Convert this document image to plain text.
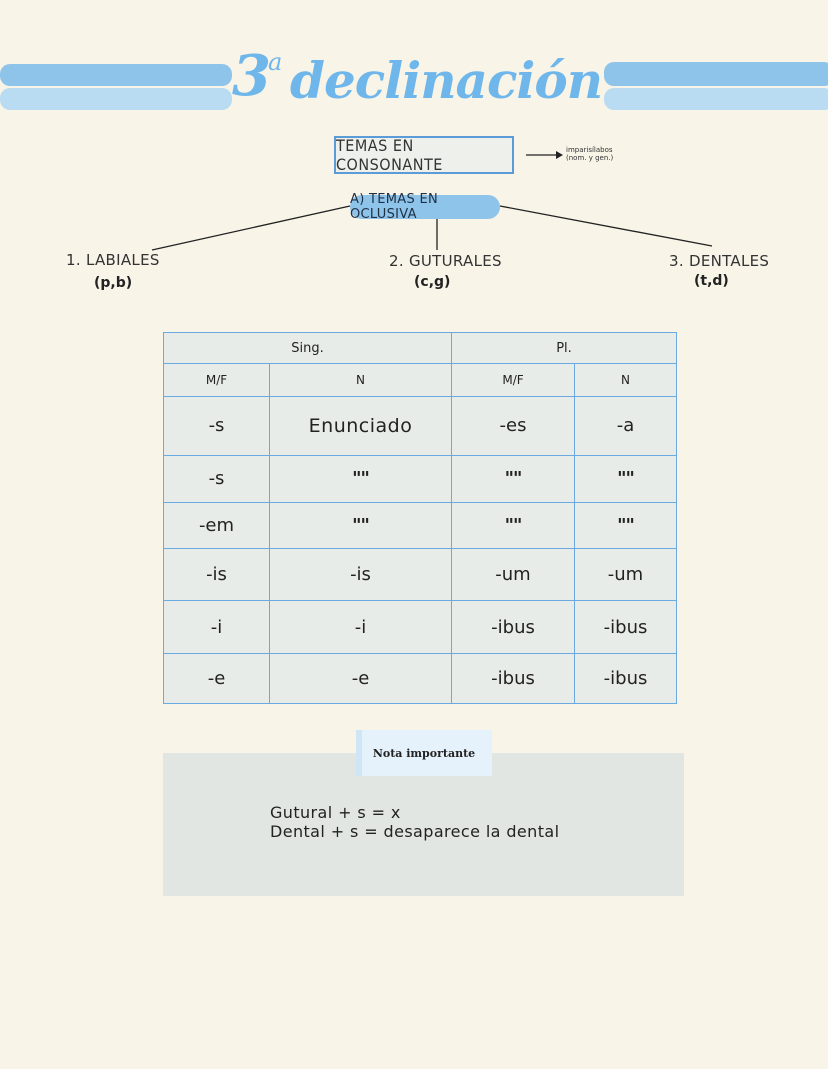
3
a declinación
TEMAS EN CONSONANTE
imparisílabos
(nom. y gen.)
A) TEMAS EN OCLUSIVA
1. LABIALES
(p,b)
2. GUTURALES
(c,g)
3. DENTALES
(t,d)
Sing.		Pl.	
M/F	N	M/F	N
-s	Enunciado	-es	-a
-s	""	""	""
-em	""	""	""
-is	-is	-um	-um
-i	-i	-ibus	-ibus
-e	-e	-ibus	-ibus
Nota importante
Gutural + s = x
Dental + s = desaparece la dental
